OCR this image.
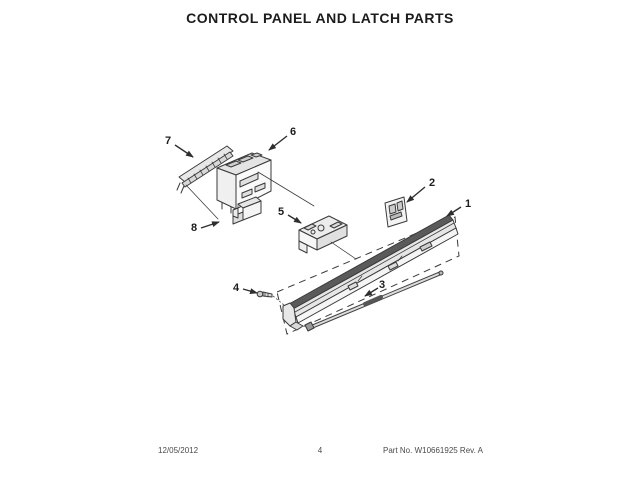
CONTROL PANEL AND LATCH PARTS
1
2
3
4
5
6
7
8
12/05/2012	4	Part No. W10661925 Rev. A
